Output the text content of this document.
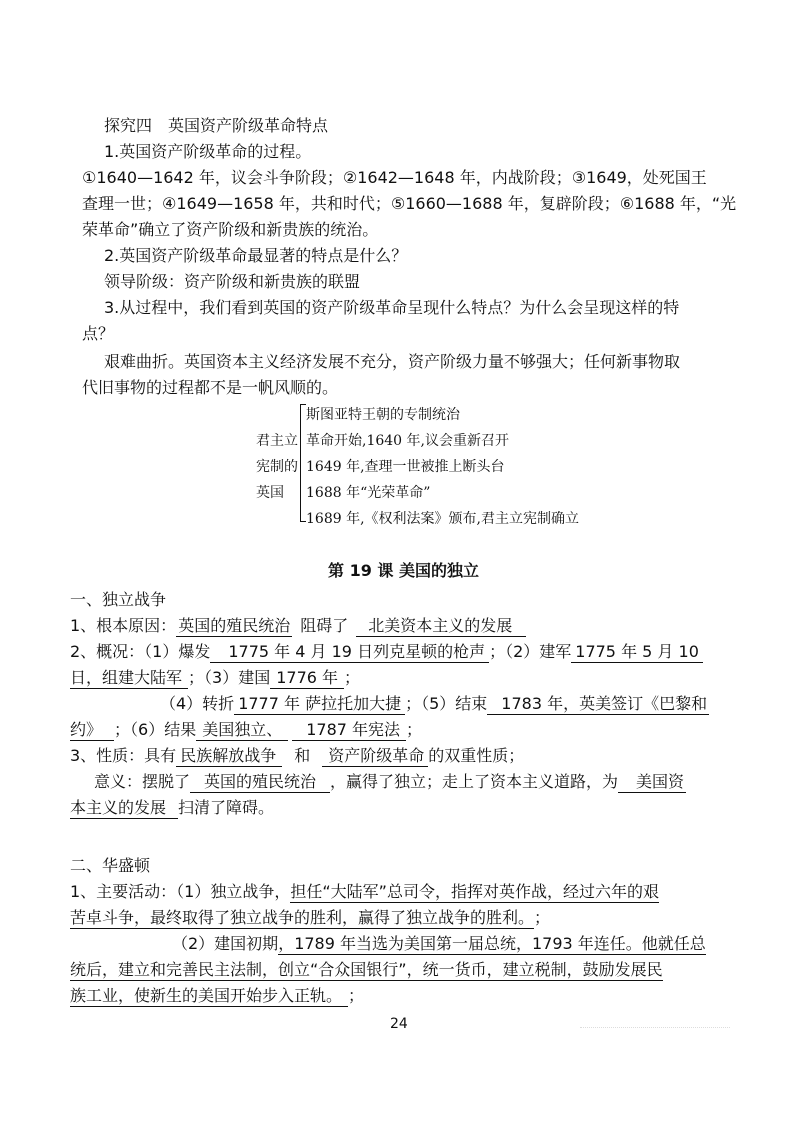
探究四　英国资产阶级革命特点
1.英国资产阶级革命的过程。
①1640—1642 年，议会斗争阶段；②1642—1648 年，内战阶段；③1649，处死国王
查理一世；④1649—1658 年，共和时代；⑤1660—1688 年，复辟阶段；⑥1688 年，“光
荣革命”确立了资产阶级和新贵族的统治。
2.英国资产阶级革命最显著的特点是什么？
领导阶级：资产阶级和新贵族的联盟
3.从过程中，我们看到英国的资产阶级革命呈现什么特点？为什么会呈现这样的特
点？
艰难曲折。英国资本主义经济发展不充分，资产阶级力量不够强大；任何新事物取
代旧事物的过程都不是一帆风顺的。
君主立
宪制的
英国
斯图亚特王朝的专制统治
革命开始,1640 年,议会重新召开
1649 年,查理一世被推上断头台
1688 年“光荣革命”
1689 年,《权利法案》颁布,君主立宪制确立
第 19 课 美国的独立
一、独立战争
1、根本原因： 英国的殖民统治 阻碍了 北美资本主义的发展
2、概况：（1）爆发 1775 年 4 月 19 日列克星顿的枪声 ；（2）建军 1775 年 5 月 10
日，组建大陆军 ；（3）建国 1776 年 ；
（4）转折 1777 年 萨拉托加大捷 ；（5）结束 1783 年，英美签订《巴黎和
约》 ；（6）结果 美国独立、 1787 年宪法 ；
3、性质：具有 民族解放战争 和 资产阶级革命 的双重性质；
意义：摆脱了 英国的殖民统治 ，赢得了独立；走上了资本主义道路，为 美国资
本主义的发展 扫清了障碍。
二、华盛顿
1、主要活动：（1）独立战争，担任“大陆军”总司令，指挥对英作战，经过六年的艰
苦卓斗争，最终取得了独立战争的胜利，赢得了独立战争的胜利。；
（2）建国初期，1789 年当选为美国第一届总统，1793 年连任。他就任总
统后，建立和完善民主法制，创立“合众国银行”，统一货币，建立税制，鼓励发展民
族工业，使新生的美国开始步入正轨。 ；
24
